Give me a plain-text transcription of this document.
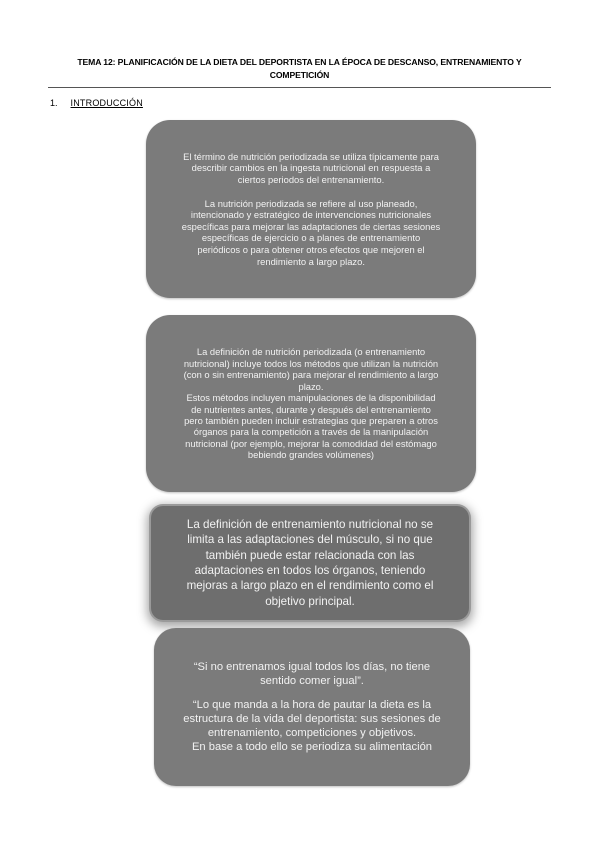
TEMA 12: PLANIFICACIÓN DE LA DIETA DEL DEPORTISTA EN LA ÉPOCA DE DESCANSO, ENTRENAMIENTO Y
COMPETICIÓN
1. INTRODUCCIÓN

El término de nutrición periodizada se utiliza típicamente para

describir cambios en la ingesta nutricional en respuesta a

ciertos periodos del entrenamiento.

La nutrición periodizada se refiere al uso planeado,

intencionado y estratégico de intervenciones nutricionales

específicas para mejorar las adaptaciones de ciertas sesiones

específicas de ejercicio o a planes de entrenamiento

periódicos o para obtener otros efectos que mejoren el

rendimiento a largo plazo.

La definición de nutrición periodizada (o entrenamiento

nutricional) incluye todos los métodos que utilizan la nutrición

(con o sin entrenamiento) para mejorar el rendimiento a largo

plazo.

Estos métodos incluyen manipulaciones de la disponibilidad

de nutrientes antes, durante y después del entrenamiento

pero también pueden incluir estrategias que preparen a otros

órganos para la competición a través de la manipulación

nutricional (por ejemplo, mejorar la comodidad del estómago

bebiendo grandes volúmenes)

La definición de entrenamiento nutricional no se

limita a las adaptaciones del músculo, si no que

también puede estar relacionada con las

adaptaciones en todos los órganos, teniendo

mejoras a largo plazo en el rendimiento como el

objetivo principal.

“Si no entrenamos igual todos los días, no tiene

sentido comer igual”.

“Lo que manda a la hora de pautar la dieta es la

estructura de la vida del deportista: sus sesiones de

entrenamiento, competiciones y objetivos.

En base a todo ello se periodiza su alimentación
